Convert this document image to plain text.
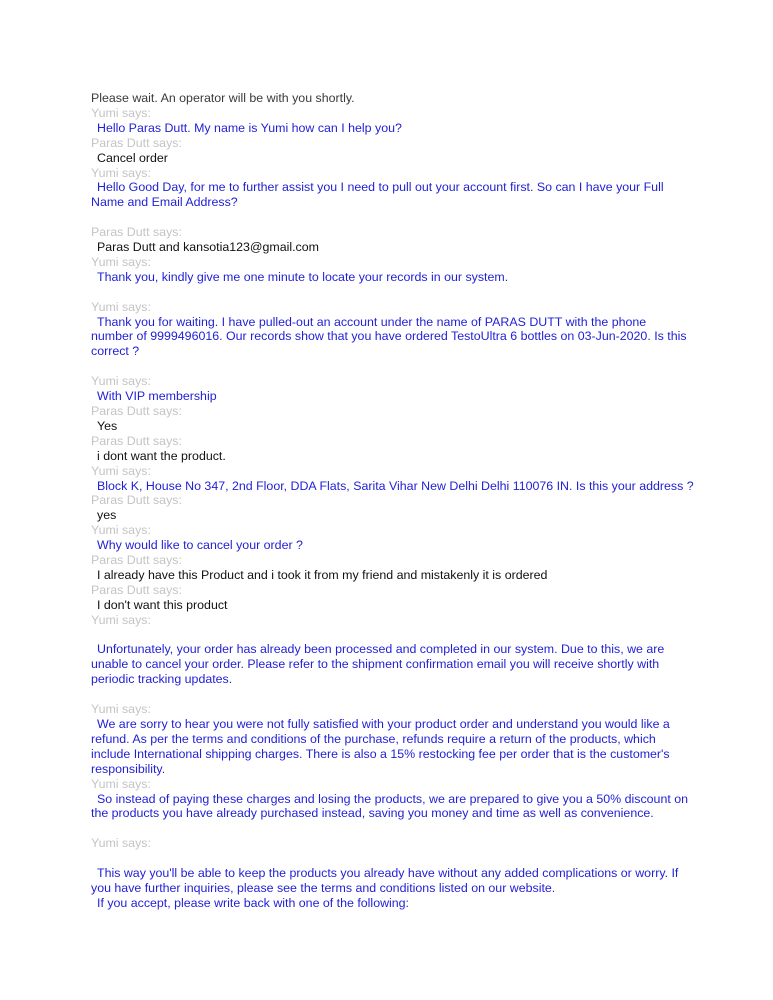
Please wait. An operator will be with you shortly.
Yumi says:
Hello Paras Dutt. My name is Yumi how can I help you?
Paras Dutt says:
Cancel order
Yumi says:
Hello Good Day, for me to further assist you I need to pull out your account first. So can I have your Full Name and Email Address?
Paras Dutt says:
Paras Dutt and kansotia123@gmail.com
Yumi says:
Thank you, kindly give me one minute to locate your records in our system.
Yumi says:
Thank you for waiting. I have pulled-out an account under the name of PARAS DUTT with the phone number of 9999496016. Our records show that you have ordered TestoUltra 6 bottles on 03-Jun-2020. Is this correct ?
Yumi says:
With VIP membership
Paras Dutt says:
Yes
Paras Dutt says:
i dont want the product.
Yumi says:
Block K, House No 347, 2nd Floor, DDA Flats, Sarita Vihar New Delhi Delhi 110076 IN. Is this your address ?
Paras Dutt says:
yes
Yumi says:
Why would like to cancel your order ?
Paras Dutt says:
I already have this Product and i took it from my friend and mistakenly it is ordered
Paras Dutt says:
I don't want this product
Yumi says:
Unfortunately, your order has already been processed and completed in our system. Due to this, we are unable to cancel your order. Please refer to the shipment confirmation email you will receive shortly with periodic tracking updates.
Yumi says:
We are sorry to hear you were not fully satisfied with your product order and understand you would like a refund. As per the terms and conditions of the purchase, refunds require a return of the products, which include International shipping charges. There is also a 15% restocking fee per order that is the customer's responsibility.
Yumi says:
So instead of paying these charges and losing the products, we are prepared to give you a 50% discount on the products you have already purchased instead, saving you money and time as well as convenience.
Yumi says:
This way you'll be able to keep the products you already have without any added complications or worry. If you have further inquiries, please see the terms and conditions listed on our website.
If you accept, please write back with one of the following:
